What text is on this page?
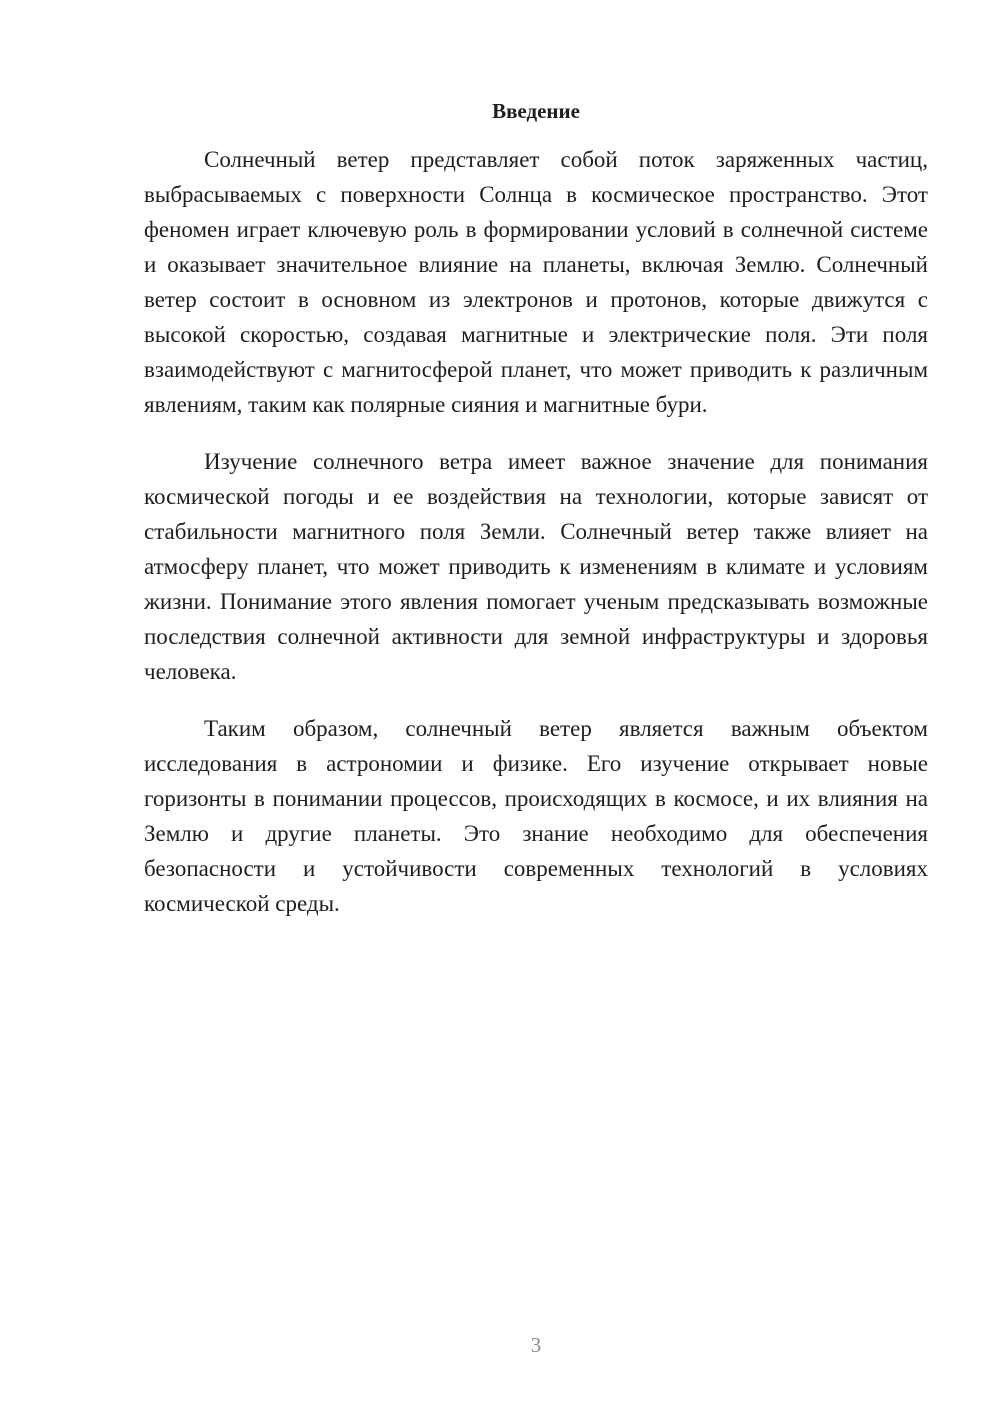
Введение

Солнечный ветер представляет собой поток заряженных частиц, выбрасываемых с поверхности Солнца в космическое пространство. Этот феномен играет ключевую роль в формировании условий в солнечной системе и оказывает значительное влияние на планеты, включая Землю. Солнечный ветер состоит в основном из электронов и протонов, которые движутся с высокой скоростью, создавая магнитные и электрические поля. Эти поля взаимодействуют с магнитосферой планет, что может приводить к различным явлениям, таким как полярные сияния и магнитные бури.

Изучение солнечного ветра имеет важное значение для понимания космической погоды и ее воздействия на технологии, которые зависят от стабильности магнитного поля Земли. Солнечный ветер также влияет на атмосферу планет, что может приводить к изменениям в климате и условиям жизни. Понимание этого явления помогает ученым предсказывать возможные последствия солнечной активности для земной инфраструктуры и здоровья человека.

Таким образом, солнечный ветер является важным объектом исследования в астрономии и физике. Его изучение открывает новые горизонты в понимании процессов, происходящих в космосе, и их влияния на Землю и другие планеты. Это знание необходимо для обеспечения безопасности и устойчивости современных технологий в условиях космической среды.

3
